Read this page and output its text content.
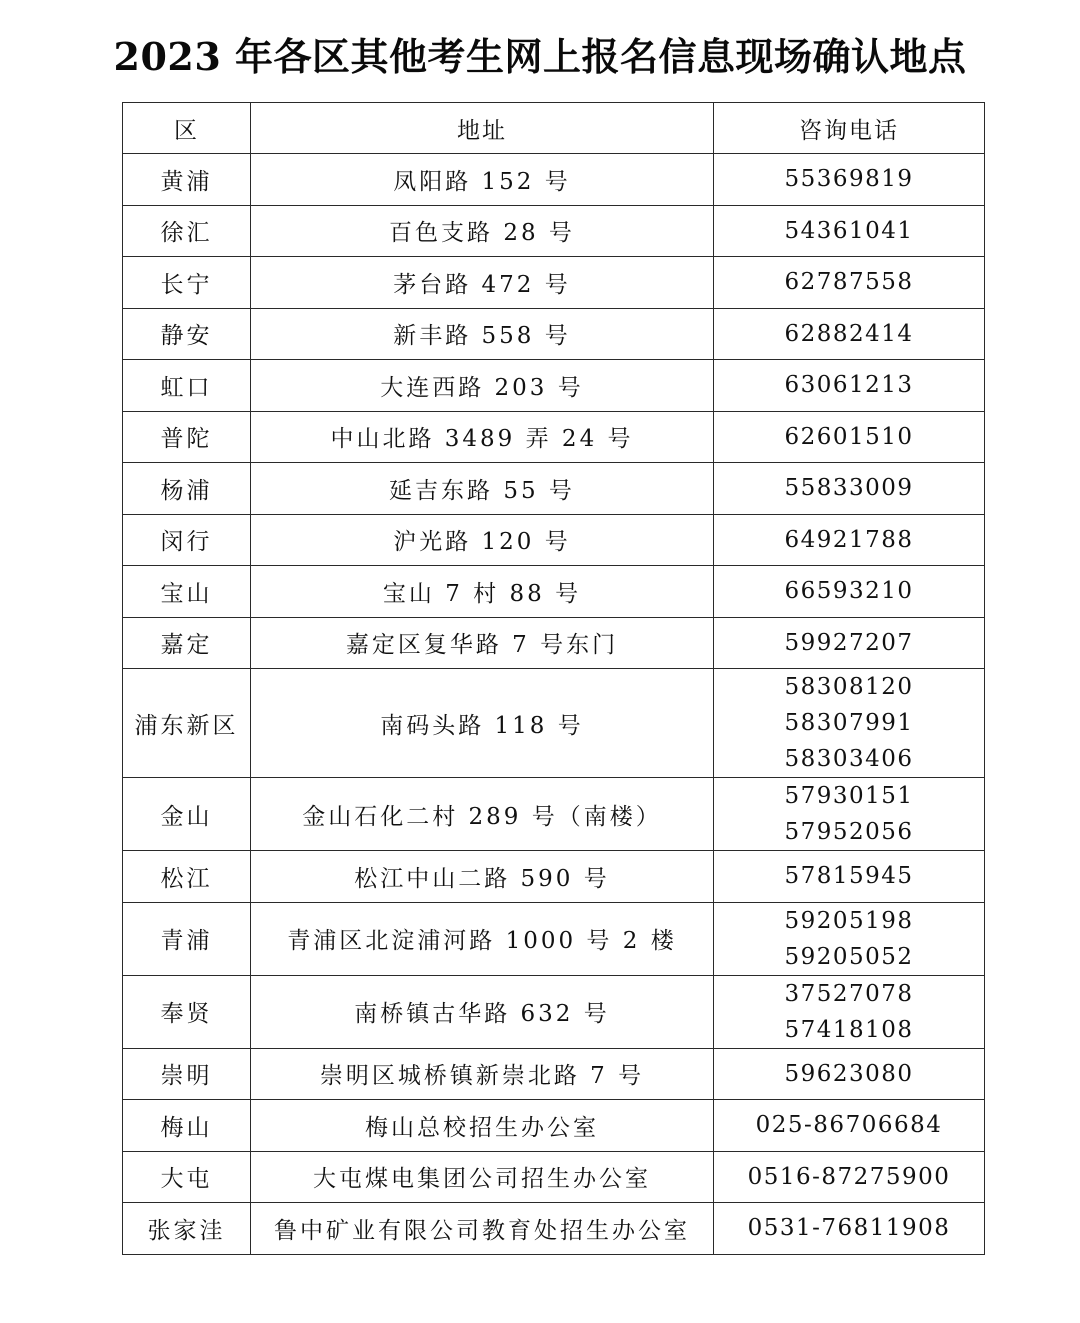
2023 年各区其他考生网上报名信息现场确认地点
区	地址	咨询电话
黄浦	凤阳路 152 号	55369819

徐汇	百色支路 28 号	54361041

长宁	茅台路 472 号	62787558

静安	新丰路 558 号	62882414

虹口	大连西路 203 号	63061213

普陀	中山北路 3489 弄 24 号	62601510

杨浦	延吉东路 55 号	55833009

闵行	沪光路 120 号	64921788

宝山	宝山 7 村 88 号	66593210

嘉定	嘉定区复华路 7 号东门	59927207

浦东新区	南码头路 118 号	58308120
58307991
58303406

金山	金山石化二村 289 号（南楼）	57930151
57952056

松江	松江中山二路 590 号	57815945

青浦	青浦区北淀浦河路 1000 号 2 楼	59205198
59205052

奉贤	南桥镇古华路 632 号	37527078
57418108

崇明	崇明区城桥镇新崇北路 7 号	59623080

梅山	梅山总校招生办公室	025-86706684

大屯	大屯煤电集团公司招生办公室	0516-87275900

张家洼	鲁中矿业有限公司教育处招生办公室	0531-76811908
